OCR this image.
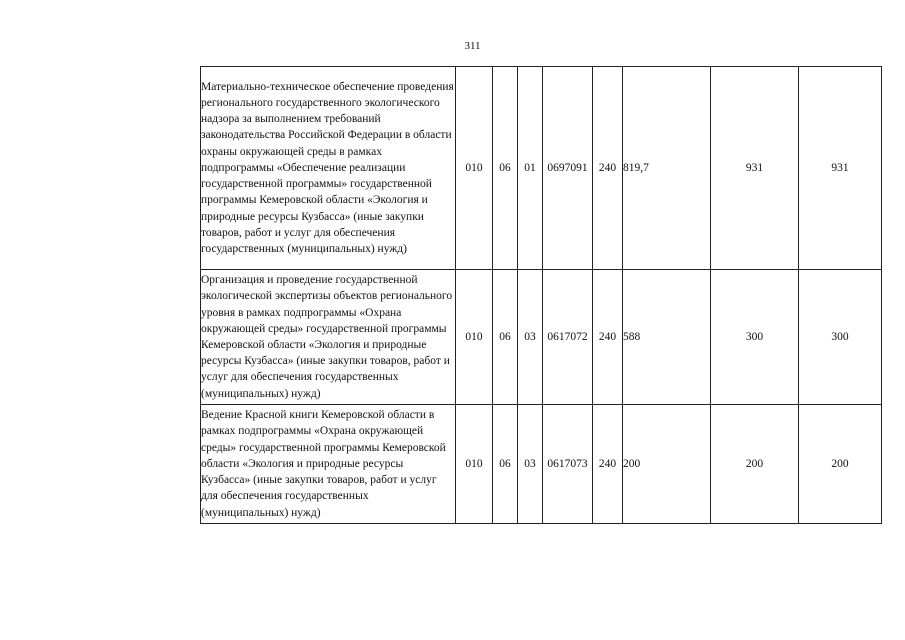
311
Материально-техническое обеспечение проведения регионального государственного экологического надзора за выполнением требований законодательства Российской Федерации в области охраны окружающей среды в рамках подпрограммы «Обеспечение реализации государственной программы» государственной программы Кемеровской области «Экология и природные ресурсы Кузбасса» (иные закупки товаров, работ и услуг для обеспечения государственных (муниципальных) нужд)	010	06	01	0697091	240	819,7	931	931
Организация и проведение государственной экологической экспертизы объектов регионального уровня в рамках подпрограммы «Охрана окружающей среды» государственной программы Кемеровской области «Экология и природные ресурсы Кузбасса» (иные закупки товаров, работ и услуг для обеспечения государственных (муниципальных) нужд)	010	06	03	0617072	240	588	300	300
Ведение Красной книги Кемеровской области в рамках подпрограммы «Охрана окружающей среды» государственной программы Кемеровской области «Экология и природные ресурсы Кузбасса» (иные закупки товаров, работ и услуг для обеспечения государственных (муниципальных) нужд)	010	06	03	0617073	240	200	200	200
